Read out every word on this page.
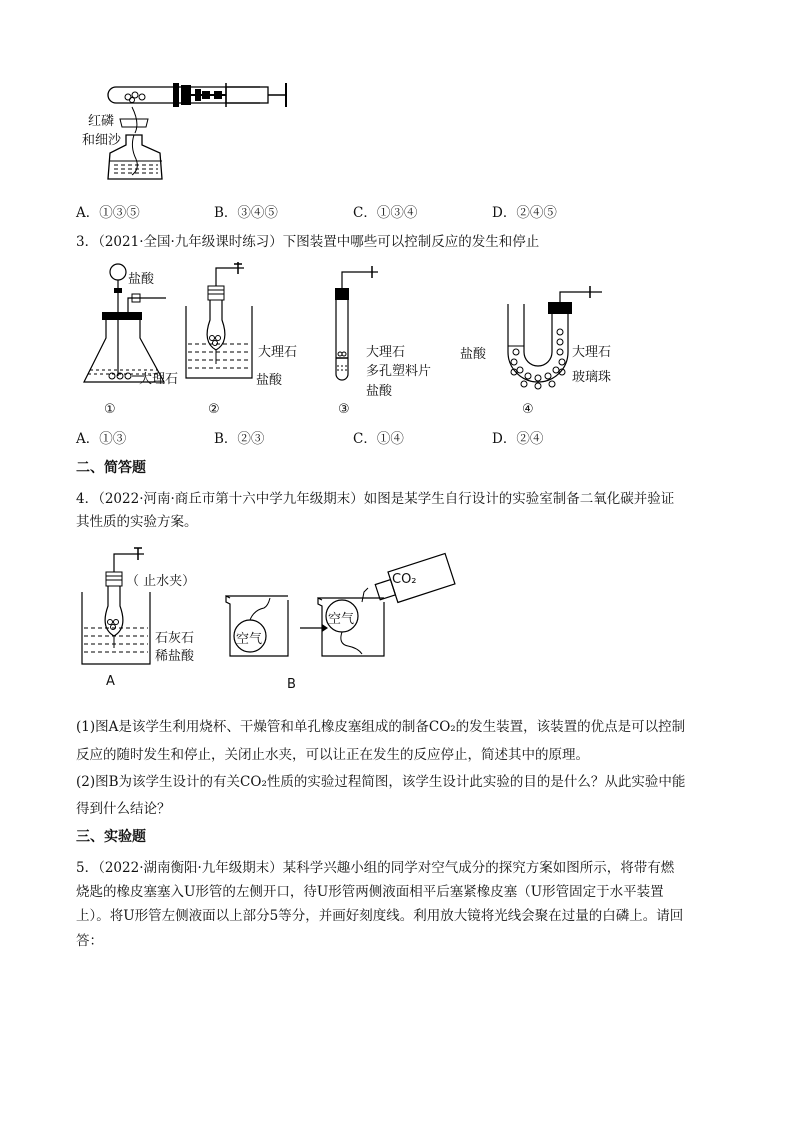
红磷
和细沙
A．①③⑤	B．③④⑤	C．①③④	D．②④⑤
3．（2021·全国·九年级课时练习）下图装置中哪些可以控制反应的发生和停止
盐酸
大理石
①
大理石
盐酸
②
大理石
多孔塑料片
盐酸
③
盐酸	大理石
玻璃珠
④
A．①③	B．②③	C．①④	D．②④
二、简答题
4．（2022·河南·商丘市第十六中学九年级期末）如图是某学生自行设计的实验室制备二氧化碳并验证
其性质的实验方案。
（ 止水夹）
石灰石
稀盐酸
A
CO₂
空气
空气
B
(1)图A是该学生利用烧杯、干燥管和单孔橡皮塞组成的制备CO₂的发生装置，该装置的优点是可以控制
反应的随时发生和停止，关闭止水夹，可以让正在发生的反应停止，简述其中的原理。
(2)图B为该学生设计的有关CO₂性质的实验过程简图，该学生设计此实验的目的是什么？从此实验中能
得到什么结论？
三、实验题
5．（2022·湖南衡阳·九年级期末）某科学兴趣小组的同学对空气成分的探究方案如图所示，将带有燃
烧匙的橡皮塞塞入U形管的左侧开口，待U形管两侧液面相平后塞紧橡皮塞（U形管固定于水平装置
上）。将U形管左侧液面以上部分5等分，并画好刻度线。利用放大镜将光线会聚在过量的白磷上。请回
答：
